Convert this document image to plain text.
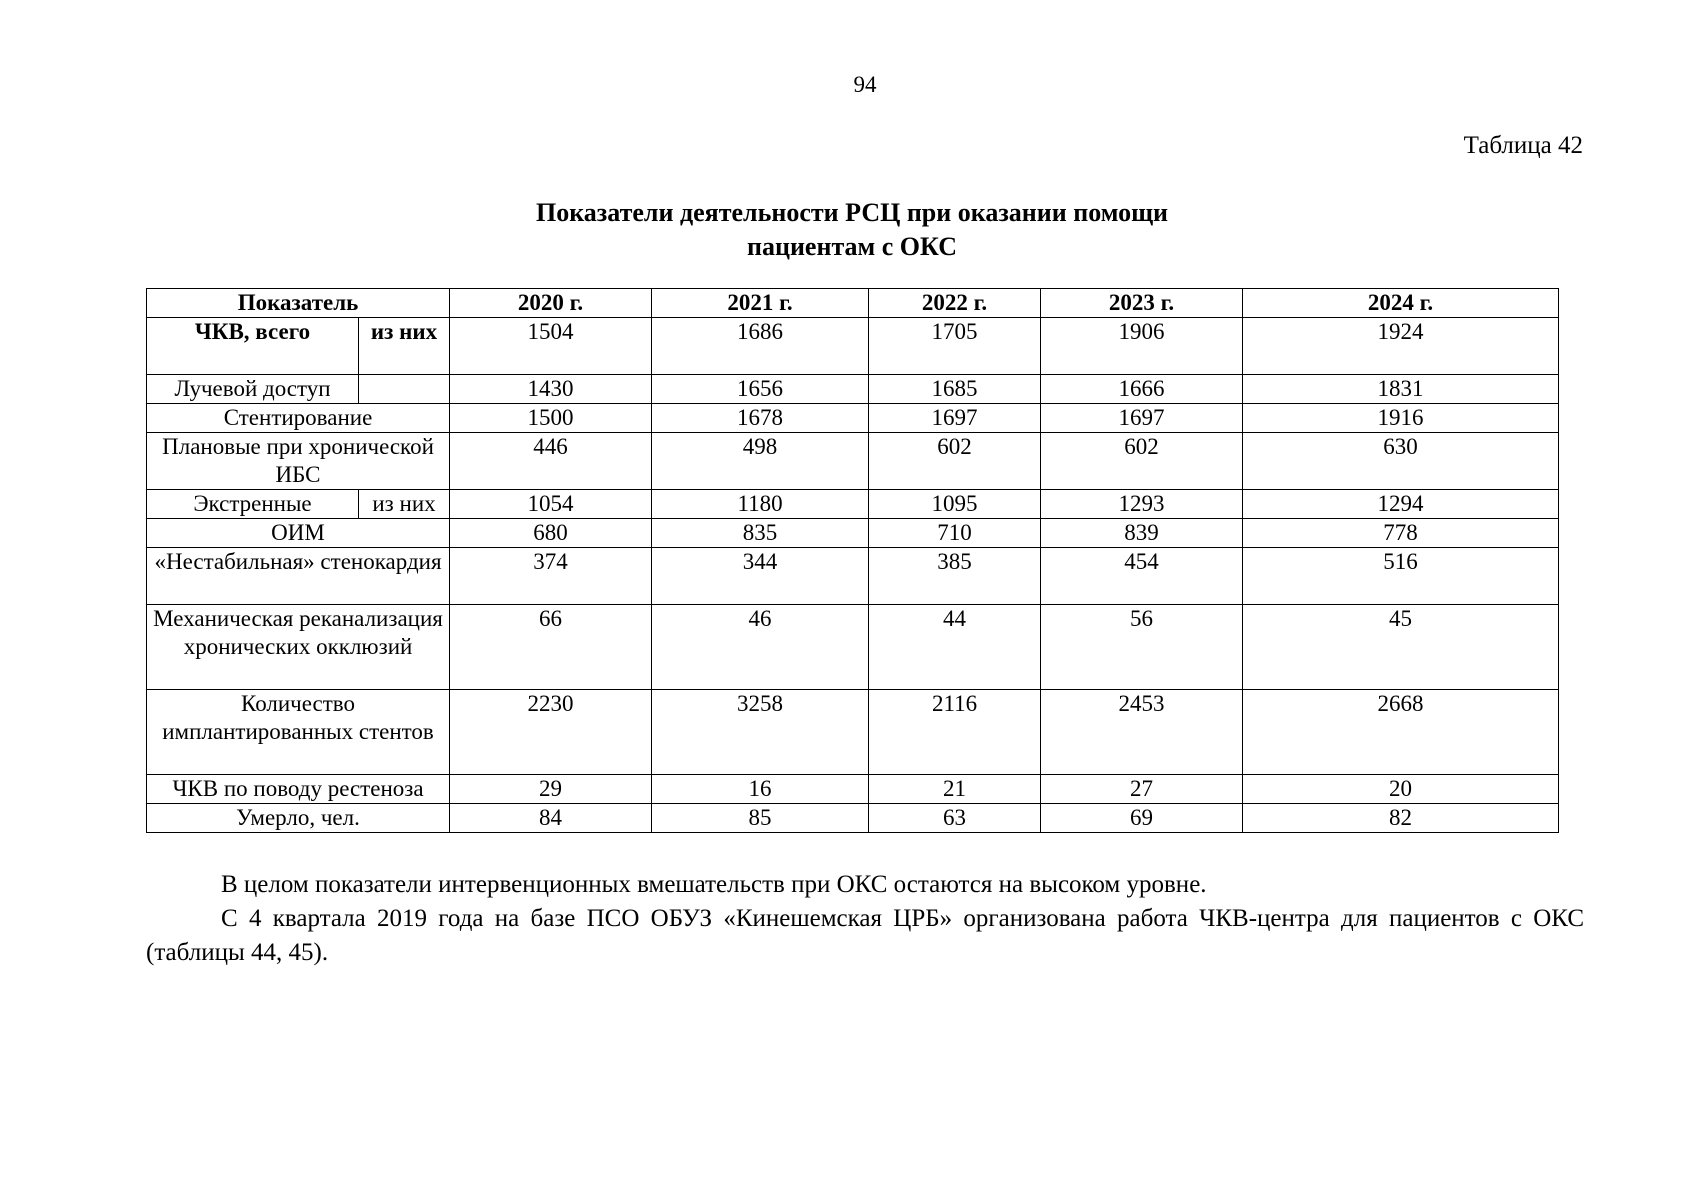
94
Таблица 42
Показатели деятельности РСЦ при оказании помощи
пациентам с ОКС
Показатель		2020 г.	2021 г.	2022 г.	2023 г.	2024 г.
ЧКВ, всего	из них	1504	1686	1705	1906	1924
Лучевой доступ		1430	1656	1685	1666	1831
Стентирование		1500	1678	1697	1697	1916
Плановые при хронической ИБС		446	498	602	602	630
Экстренные	из них	1054	1180	1095	1293	1294
ОИМ		680	835	710	839	778
«Нестабильная» стенокардия		374	344	385	454	516
Механическая реканализация хронических окклюзий		66	46	44	56	45
Количество имплантированных стентов		2230	3258	2116	2453	2668
ЧКВ по поводу рестеноза		29	16	21	27	20
Умерло, чел.		84	85	63	69	82

В целом показатели интервенционных вмешательств при ОКС остаются на высоком уровне.

С 4 квартала 2019 года на базе ПСО ОБУЗ «Кинешемская ЦРБ» организована работа ЧКВ-центра для пациентов с ОКС (таблицы 44, 45).
